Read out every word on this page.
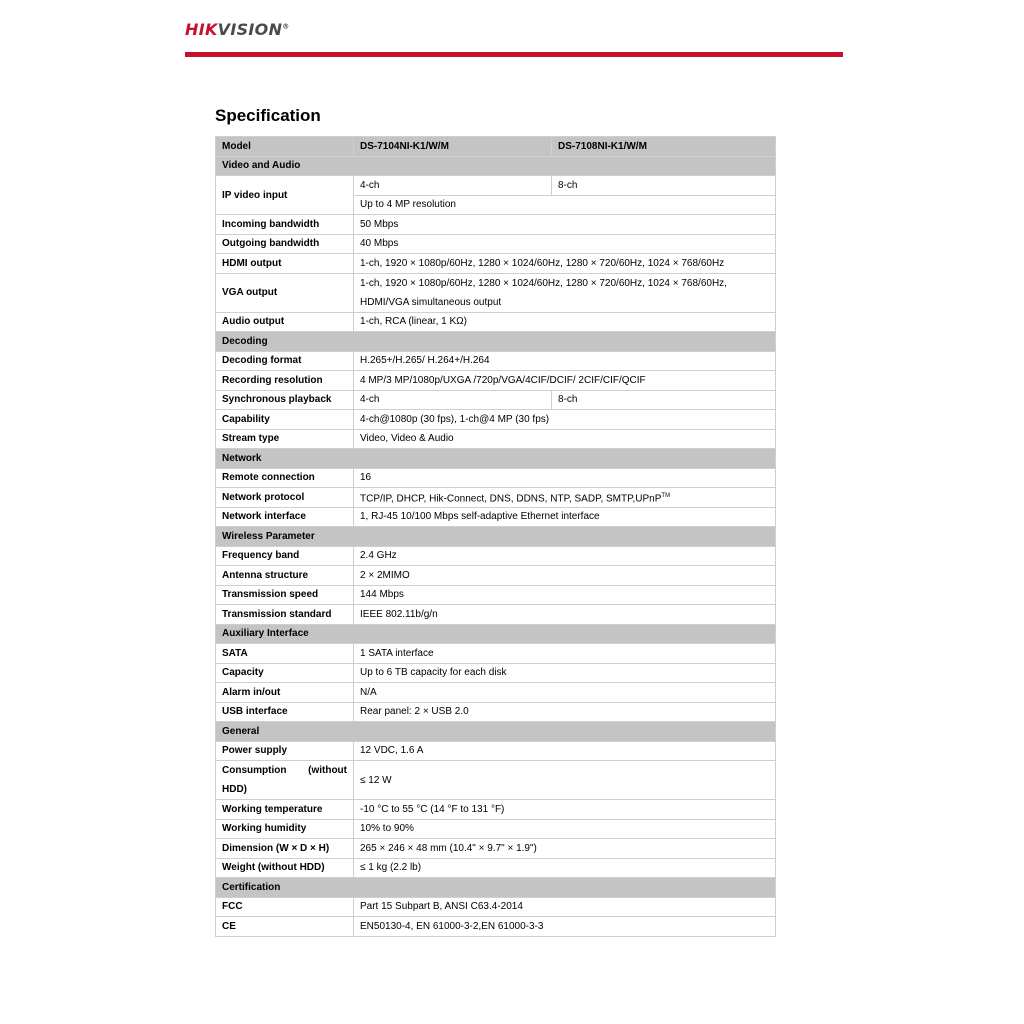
HIKVISION®
Specification
Model	DS-7104NI-K1/W/M	DS-7108NI-K1/W/M
Video and Audio		
IP video input	4-ch	8-ch
	Up to 4 MP resolution	
Incoming bandwidth	50 Mbps	
Outgoing bandwidth	40 Mbps	
HDMI output	1-ch, 1920 × 1080p/60Hz, 1280 × 1024/60Hz, 1280 × 720/60Hz, 1024 × 768/60Hz	
VGA output	1-ch, 1920 × 1080p/60Hz, 1280 × 1024/60Hz, 1280 × 720/60Hz, 1024 × 768/60Hz,
HDMI/VGA simultaneous output	

Audio output	1-ch, RCA (linear, 1 KΩ)	
Decoding		
Decoding format	H.265+/H.265/ H.264+/H.264	
Recording resolution	4 MP/3 MP/1080p/UXGA /720p/VGA/4CIF/DCIF/ 2CIF/CIF/QCIF	
Synchronous playback	4-ch	8-ch
Capability	4-ch@1080p (30 fps), 1-ch@4 MP (30 fps)	
Stream type	Video, Video & Audio	
Network		
Remote connection	16	
Network protocol	TCP/IP, DHCP, Hik-Connect, DNS, DDNS, NTP, SADP, SMTP,UPnP™
Network interface	1, RJ-45 10/100 Mbps self-adaptive Ethernet interface	
Wireless Parameter		
Frequency band	2.4 GHz	
Antenna structure	2 × 2MIMO	
Transmission speed	144 Mbps	
Transmission standard	IEEE 802.11b/g/n	
Auxiliary Interface		
SATA	1 SATA interface	
Capacity	Up to 6 TB capacity for each disk	
Alarm in/out	N/A	
USB interface	Rear panel: 2 × USB 2.0	
General		
Power supply	12 VDC, 1.6 A	

Consumption (without
HDD)	≤ 12 W	
Working temperature	-10 °C to 55 °C (14 °F to 131 °F)	
Working humidity	10% to 90%	
Dimension (W × D × H)	265 × 246 × 48 mm (10.4" × 9.7" × 1.9")	
Weight (without HDD)	≤ 1 kg (2.2 lb)	
Certification		
FCC	Part 15 Subpart B, ANSI C63.4-2014	
CE	EN50130-4, EN 61000-3-2,EN 61000-3-3	
